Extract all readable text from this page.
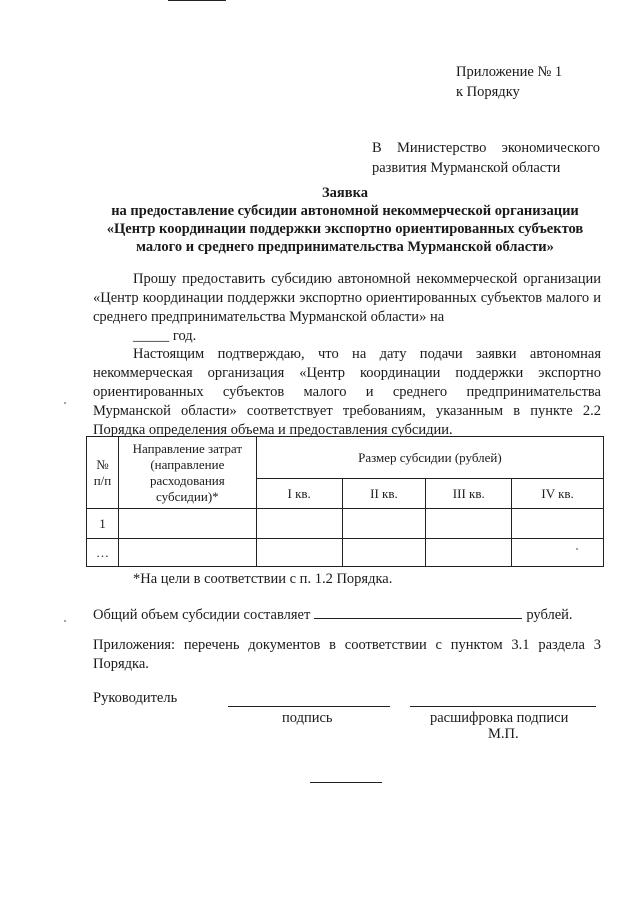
Приложение № 1
к Порядку
В Министерство экономического развития Мурманской области
Заявка
на предоставление субсидии автономной некоммерческой организации
«Центр координации поддержки экспортно ориентированных субъектов
малого и среднего предпринимательства Мурманской области»
Прошу предоставить субсидию автономной некоммерческой организации «Центр координации поддержки экспортно ориентированных субъектов малого и среднего предпринимательства Мурманской области» на
_____ год.
Настоящим подтверждаю, что на дату подачи заявки автономная некоммерческая организация «Центр координации поддержки экспортно ориентированных субъектов малого и среднего предпринимательства Мурманской области» соответствует требованиям, указанным в пункте 2.2 Порядка определения объема и предоставления субсидии.
№ п/п	Направление затрат (направление расходования субсидии)*	Размер субсидии (рублей)			
		I кв.	II кв.	III кв.	IV кв.
1					
…					
*На цели в соответствии с п. 1.2 Порядка.
Общий объем субсидии составляет	рублей.
Приложения: перечень документов в соответствии с пунктом 3.1 раздела 3 Порядка.
Руководитель
подпись	расшифровка подписи
М.П.
